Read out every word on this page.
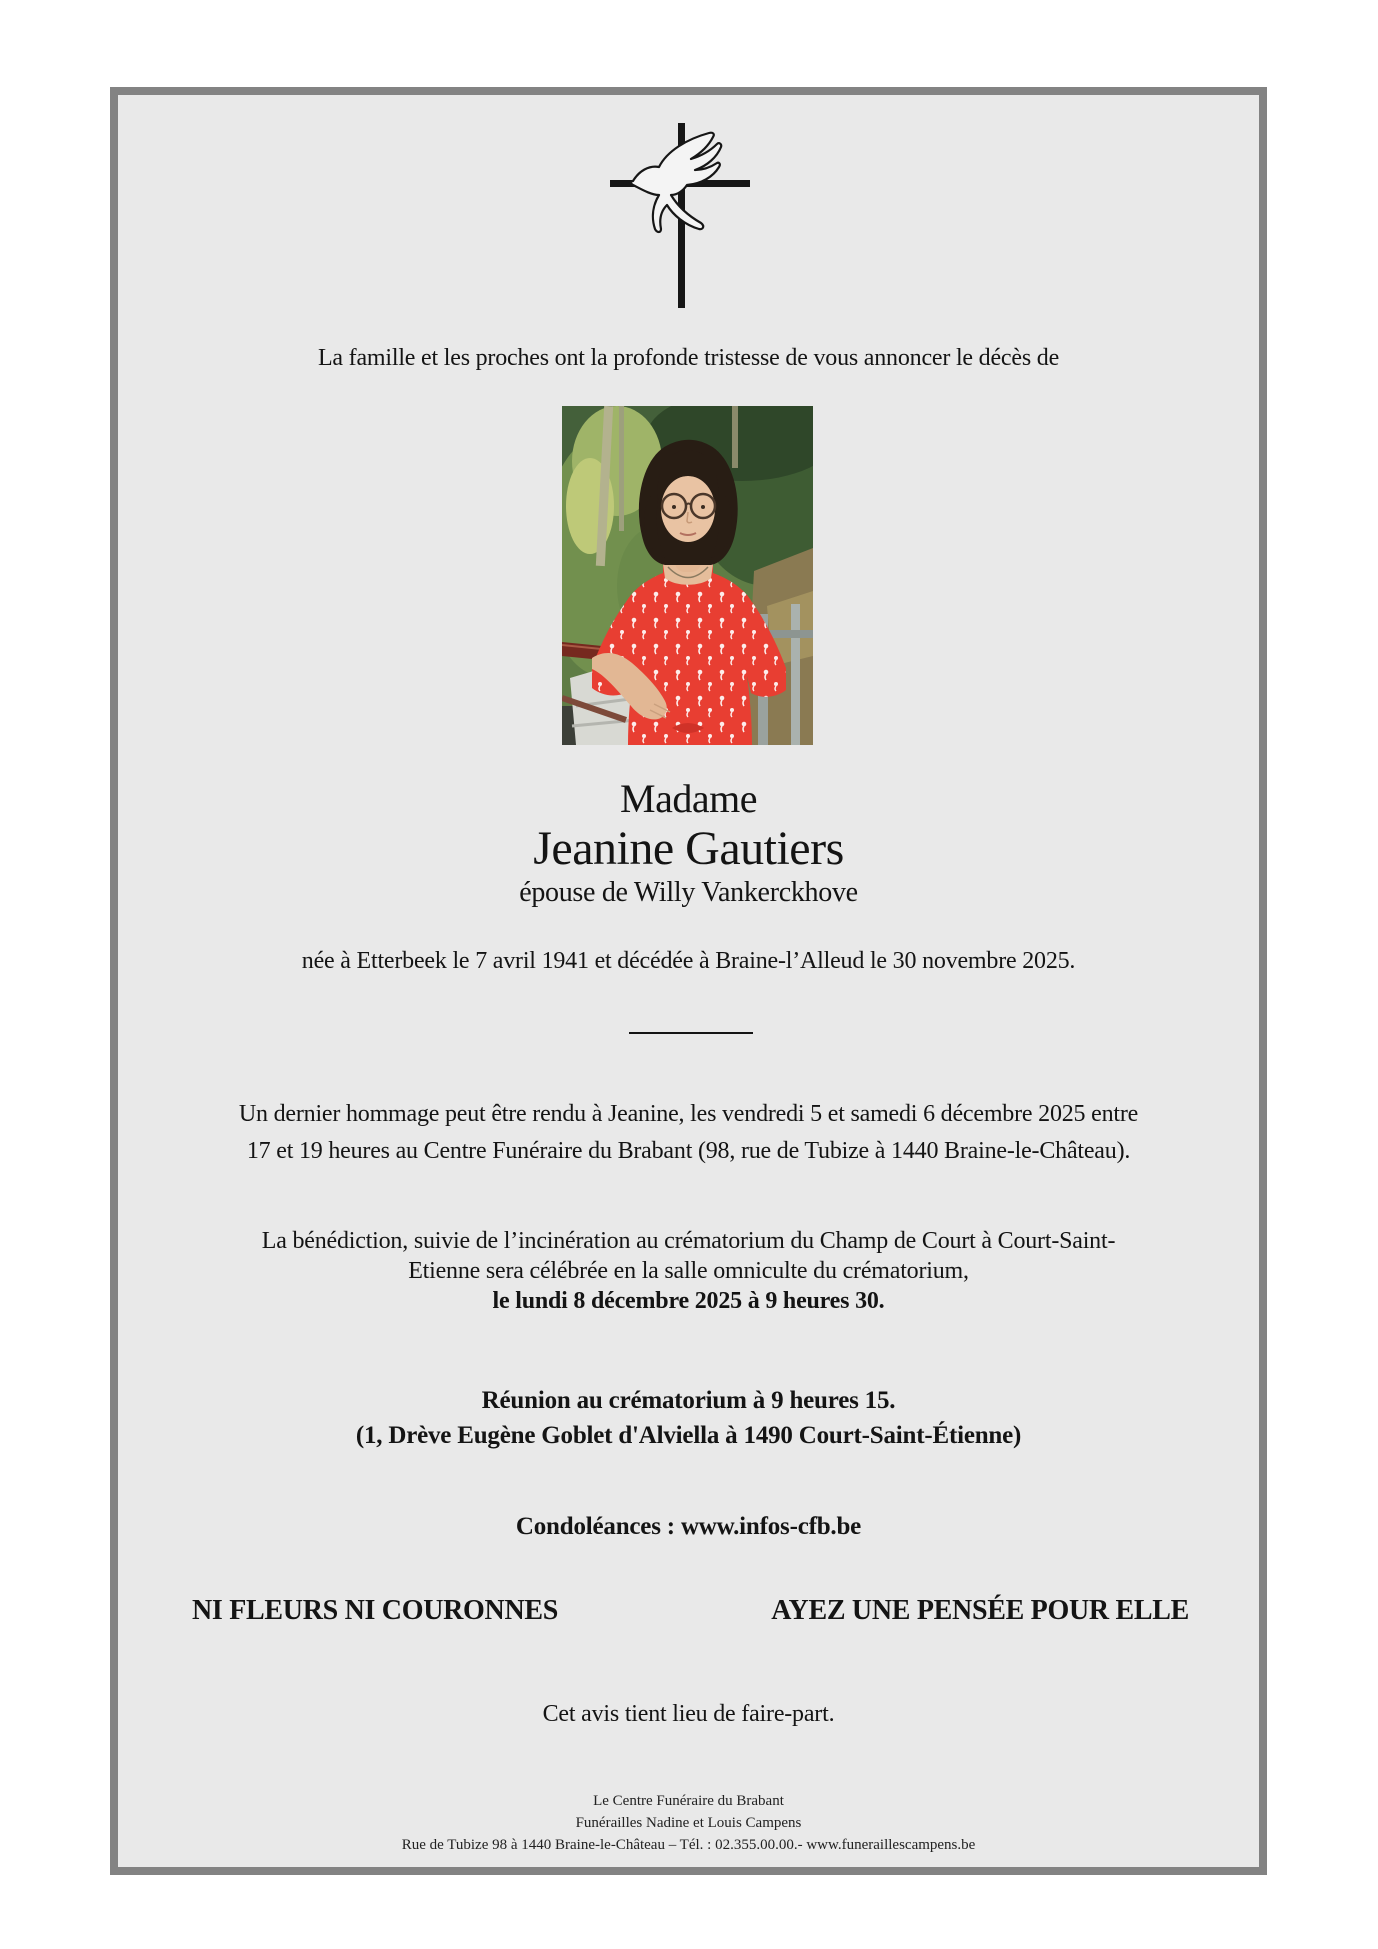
La famille et les proches ont la profonde tristesse de vous annoncer le décès de
Madame
Jeanine Gautiers
épouse de Willy Vankerckhove
née à Etterbeek le 7 avril 1941 et décédée à Braine-l’Alleud le 30 novembre 2025.
Un dernier hommage peut être rendu à Jeanine, les vendredi 5 et samedi 6 décembre 2025 entre
17 et 19 heures au Centre Funéraire du Brabant (98, rue de Tubize à 1440 Braine-le-Château).
La bénédiction, suivie de l’incinération au crématorium du Champ de Court à Court-Saint-
Etienne sera célébrée en la salle omniculte du crématorium,
le lundi 8 décembre 2025 à 9 heures 30.
Réunion au crématorium à 9 heures 15.
(1, Drève Eugène Goblet d'Alviella à 1490 Court-Saint-Étienne)
Condoléances : www.infos-cfb.be
NI FLEURS NI COURONNES	AYEZ UNE PENSÉE POUR ELLE
Cet avis tient lieu de faire-part.
Le Centre Funéraire du Brabant
Funérailles Nadine et Louis Campens
Rue de Tubize 98 à 1440 Braine-le-Château – Tél. : 02.355.00.00.- www.funeraillescampens.be
